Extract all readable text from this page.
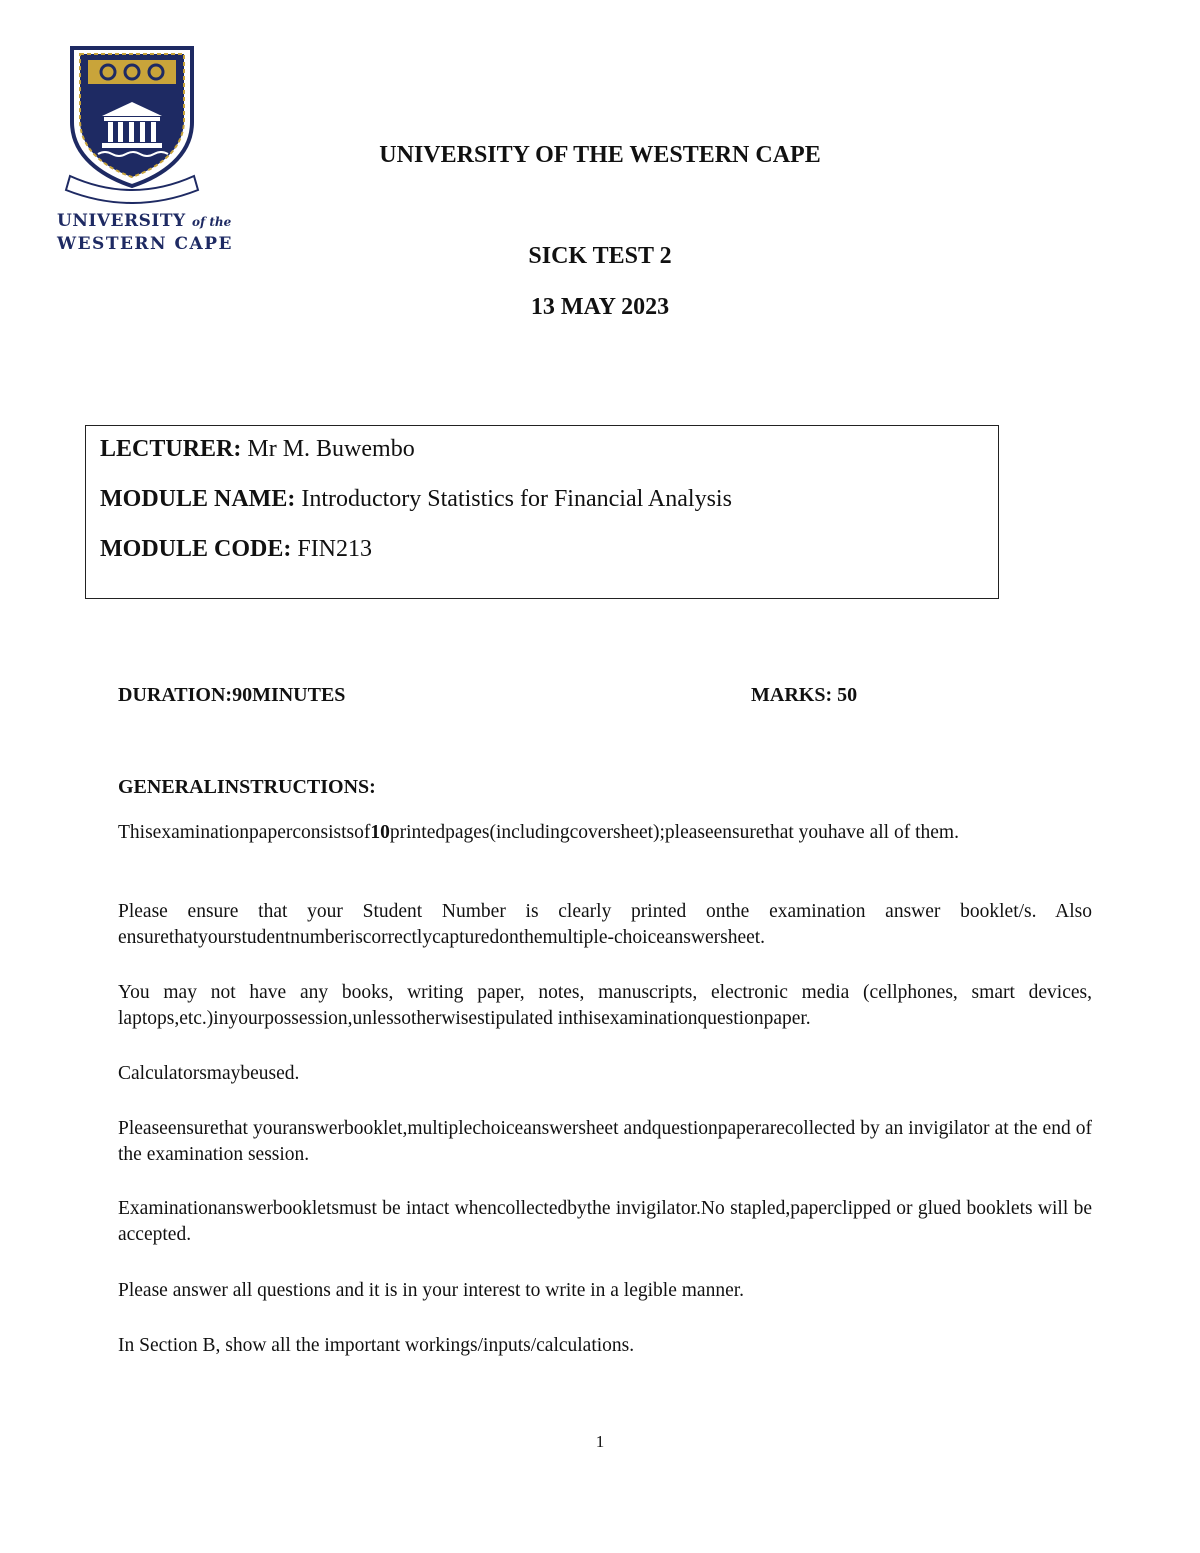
UNIVERSITY of the
WESTERN CAPE
UNIVERSITY OF THE WESTERN CAPE
SICK TEST 2
13 MAY 2023
LECTURER: Mr M. Buwembo
MODULE NAME: Introductory Statistics for Financial Analysis
MODULE CODE: FIN213
DURATION:90MINUTES	MARKS: 50
GENERALINSTRUCTIONS:
Thisexaminationpaperconsistsof10printedpages(includingcoversheet);pleaseensurethat youhave all of them.
Please ensure that your Student Number is clearly printed onthe examination answer booklet/s. Also ensurethatyourstudentnumberiscorrectlycapturedonthemultiple-choiceanswersheet.
You may not have any books, writing paper, notes, manuscripts, electronic media (cellphones, smart devices, laptops,etc.)inyourpossession,unlessotherwisestipulated inthisexaminationquestionpaper.
Calculatorsmaybeused.
Pleaseensurethat youranswerbooklet,multiplechoiceanswersheet andquestionpaperarecollected by an invigilator at the end of the examination session.
Examinationanswerbookletsmust be intact whencollectedbythe invigilator.No stapled,paperclipped or glued booklets will be accepted.
Please answer all questions and it is in your interest to write in a legible manner.
In Section B, show all the important workings/inputs/calculations.
1
